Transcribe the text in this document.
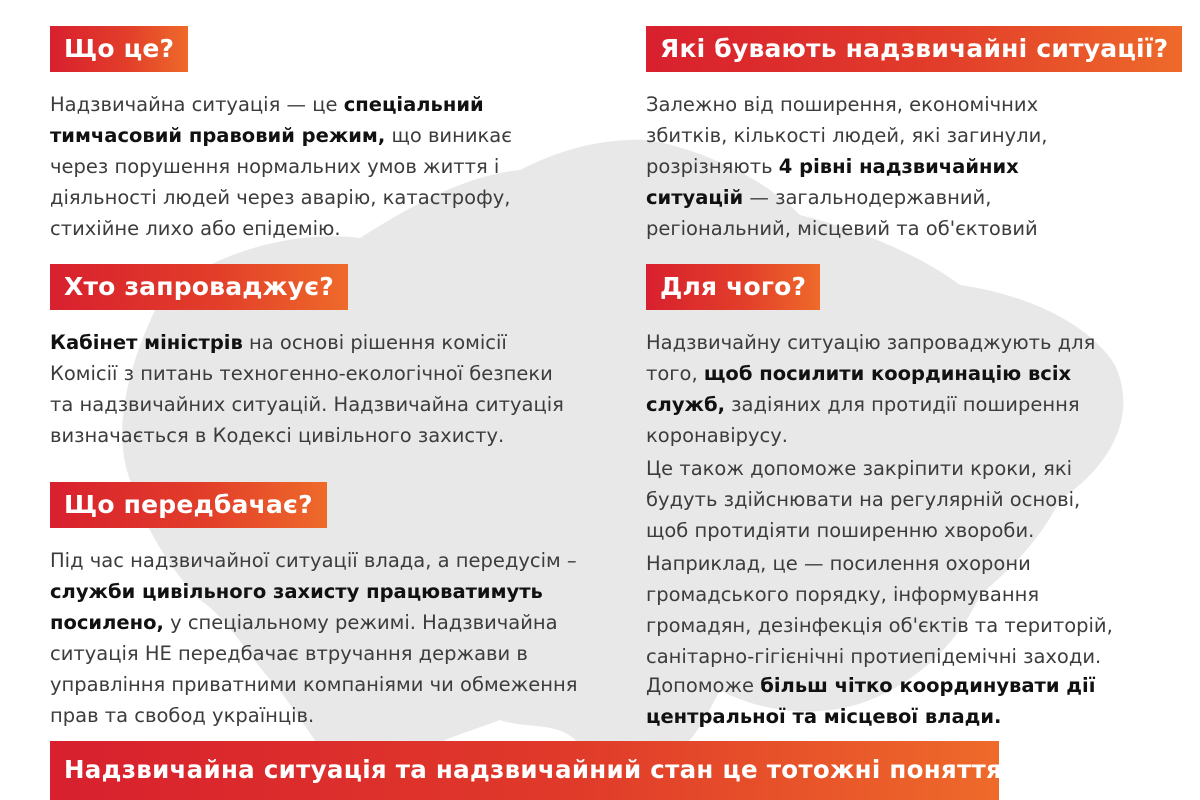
Що це?

Надзвичайна ситуація — це спеціальний тимчасовий правовий режим, що виникає через порушення нормальних умов життя і діяльності людей через аварію, катастрофу, стихійне лихо або епідемію.

Хто запроваджує?

Кабінет міністрів на основі рішення комісії Комісії з питань техногенно-екологічної безпеки та надзвичайних ситуацій. Надзвичайна ситуація визначається в Кодексі цивільного захисту.

Що передбачає?

Під час надзвичайної ситуації влада, а передусім – служби цивільного захисту працюватимуть посилено, у спеціальному режимі. Надзвичайна ситуація НЕ передбачає втручання держави в управління приватними компаніями чи обмеження прав та свобод українців.

Які бувають надзвичайні ситуації?

Залежно від поширення, економічних збитків, кількості людей, які загинули, розрізняють 4 рівні надзвичайних ситуацій — загальнодержавний, регіональний, місцевий та об'єктовий

Для чого?

Надзвичайну ситуацію запроваджують для того, щоб посилити координацію всіх служб, задіяних для протидії поширення коронавірусу.

Це також допоможе закріпити кроки, які будуть здійснювати на регулярній основі, щоб протидіяти поширенню хвороби.

Наприклад, це — посилення охорони громадського порядку, інформування громадян, дезінфекція об'єктів та територій, санітарно-гігієнічні протиепідемічні заходи.

Допоможе більш чітко координувати дії центральної та місцевої влади.

Надзвичайна ситуація та надзвичайний стан це тотожні поняття?
